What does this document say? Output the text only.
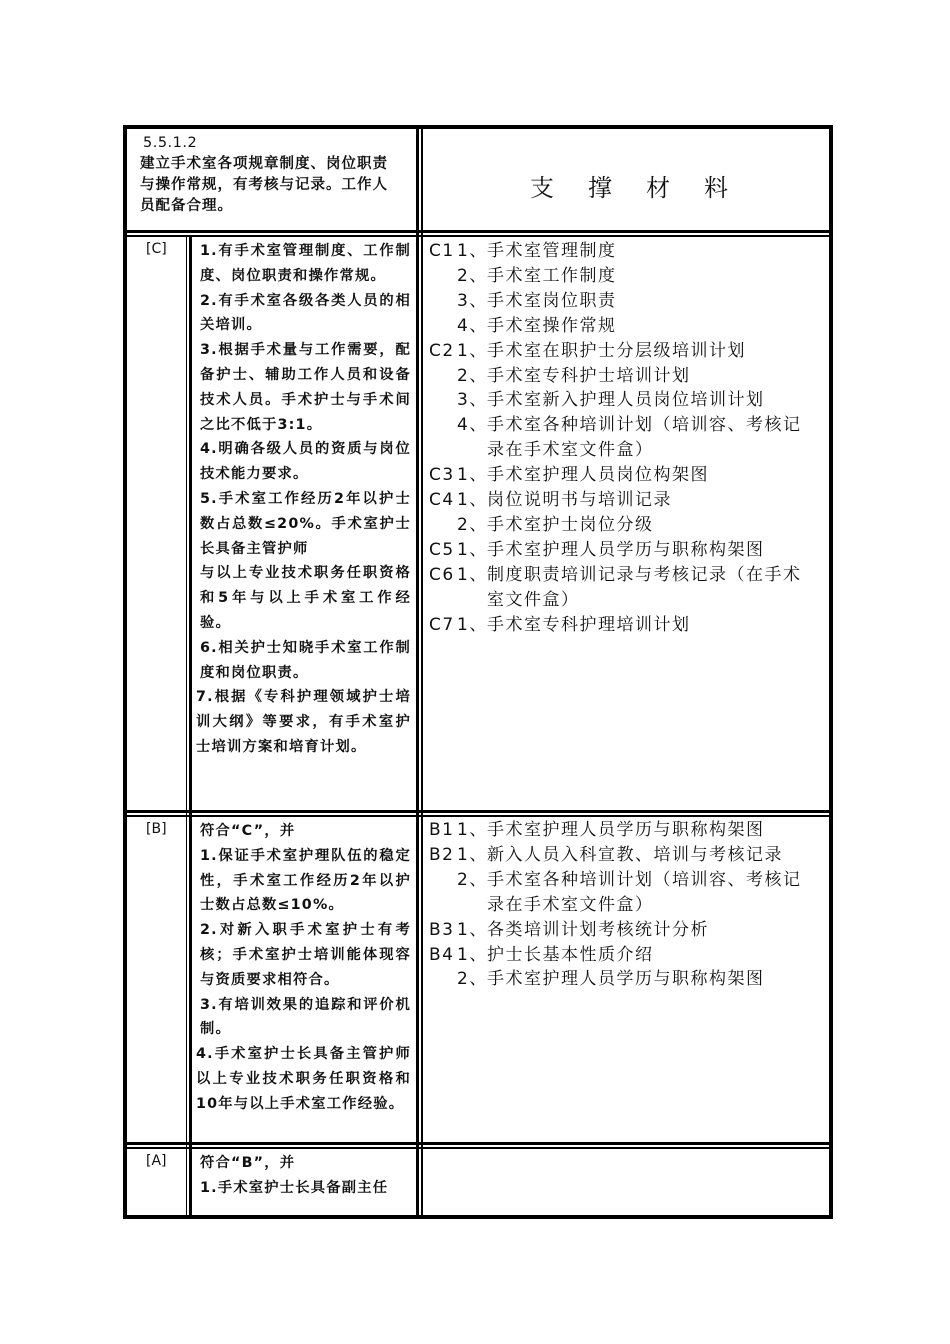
5.5.1.2
建立手术室各项规章制度、岗位职责
与操作常规，有考核与记录。工作人
员配备合理。
支 撑 材 料
[C] 1.有手术室管理制度、工作制度、岗位职责和操作常规。
2.有手术室各级各类人员的相关培训。
3.根据手术量与工作需要，配备护士、辅助工作人员和设备技术人员。手术护士与手术间之比不低于3:1。
4.明确各级人员的资质与岗位技术能力要求。
5.手术室工作经历2年以护士数占总数≤20%。手术室护士长具备主管护师
与以上专业技术职务任职资格和5年与以上手术室工作经验。
6.相关护士知晓手术室工作制度和岗位职责。
7.根据《专科护理领域护士培训大纲》等要求，有手术室护士培训方案和培育计划。
C1 1、手术室管理制度
2、手术室工作制度
3、手术室岗位职责
4、手术室操作常规
C2 1、手术室在职护士分层级培训计划
2、手术室专科护士培训计划
3、手术室新入护理人员岗位培训计划
4、手术室各种培训计划（培训容、考核记
录在手术室文件盒）
C3 1、手术室护理人员岗位构架图
C4 1、岗位说明书与培训记录
2、手术室护士岗位分级
C5 1、手术室护理人员学历与职称构架图
C6 1、制度职责培训记录与考核记录（在手术
室文件盒）
C7 1、手术室专科护理培训计划
[B] 符合“C”，并
1.保证手术室护理队伍的稳定性，手术室工作经历2年以护士数占总数≤10%。
2.对新入职手术室护士有考核；手术室护士培训能体现容与资质要求相符合。
3.有培训效果的追踪和评价机制。
4.手术室护士长具备主管护师以上专业技术职务任职资格和10年与以上手术室工作经验。
B1 1、手术室护理人员学历与职称构架图
B2 1、新入人员入科宣教、培训与考核记录
2、手术室各种培训计划（培训容、考核记
录在手术室文件盒）
B3 1、各类培训计划考核统计分析
B4 1、护士长基本性质介绍
2、手术室护理人员学历与职称构架图
[A] 符合“B”，并
1.手术室护士长具备副主任
